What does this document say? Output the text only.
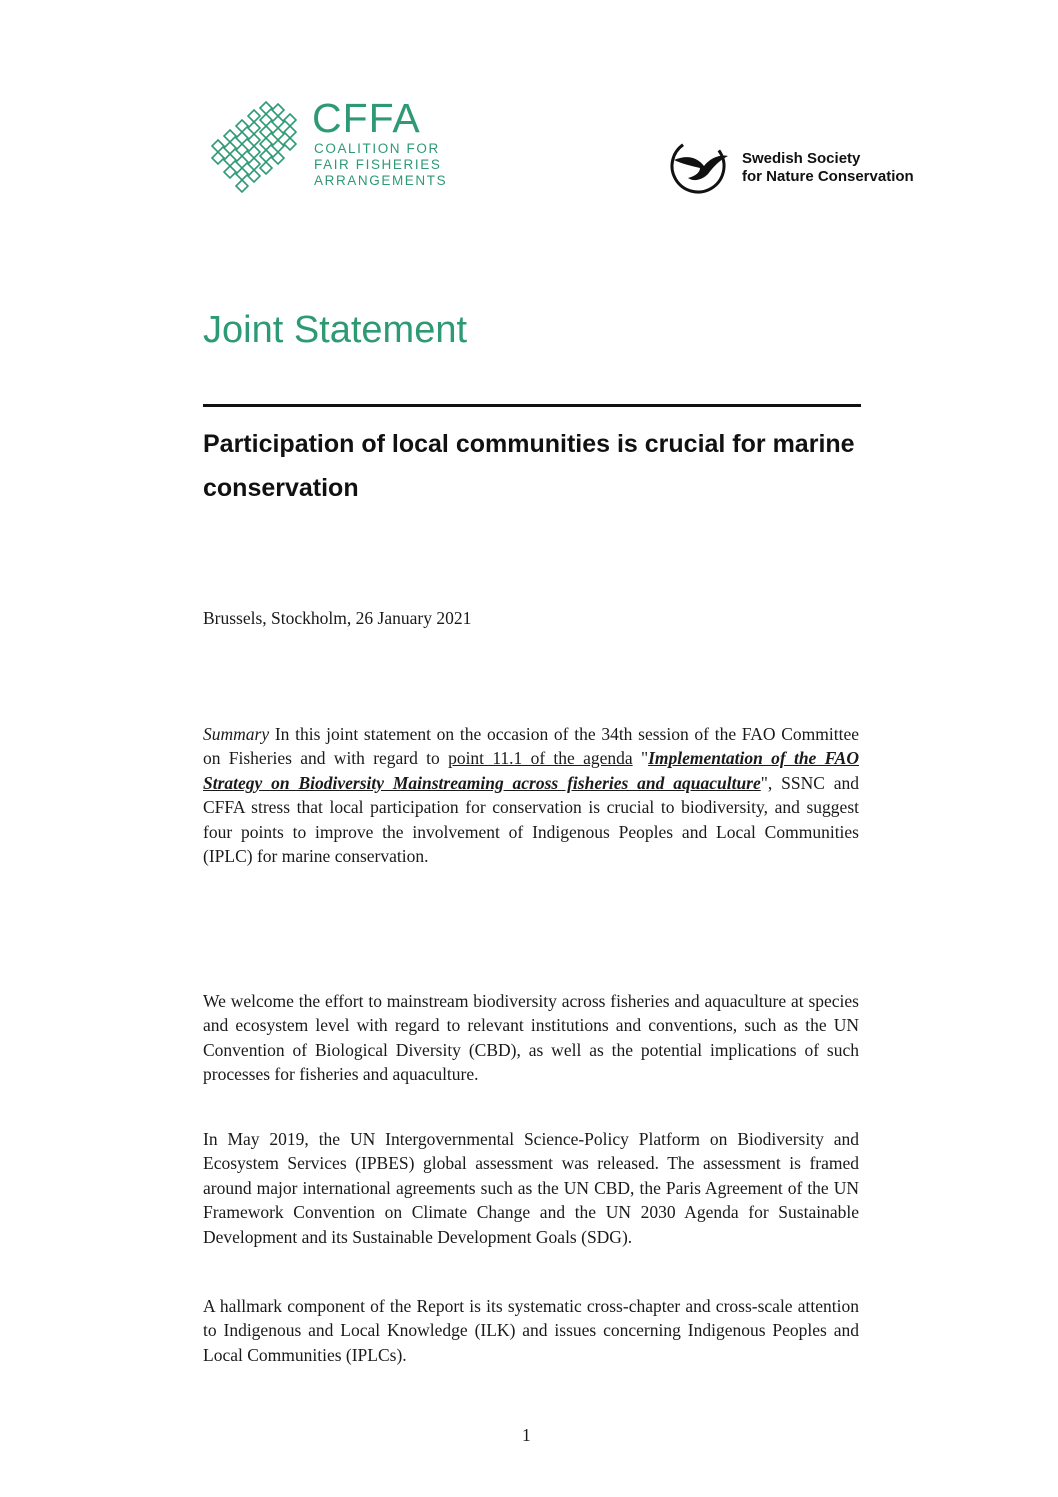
CFFA
COALITION FOR
FAIR FISHERIES
ARRANGEMENTS
Swedish Society
for Nature Conservation
Joint Statement
Participation of local communities is crucial for marine conservation
Brussels, Stockholm, 26 January 2021

Summary In this joint statement on the occasion of the 34th session of the FAO Committee on Fisheries and with regard to point 11.1 of the agenda "Implementation of the FAO Strategy on Biodiversity Mainstreaming across fisheries and aquaculture", SSNC and CFFA stress that local participation for conservation is crucial to biodiversity, and suggest four points to improve the involvement of Indigenous Peoples and Local Communities (IPLC) for marine conservation.

We welcome the effort to mainstream biodiversity across fisheries and aquaculture at species and ecosystem level with regard to relevant institutions and conventions, such as the UN Convention of Biological Diversity (CBD), as well as the potential implications of such processes for fisheries and aquaculture.

In May 2019, the UN Intergovernmental Science-Policy Platform on Biodiversity and Ecosystem Services (IPBES) global assessment was released. The assessment is framed around major international agreements such as the UN CBD, the Paris Agreement of the UN Framework Convention on Climate Change and the UN 2030 Agenda for Sustainable Development and its Sustainable Development Goals (SDG).

A hallmark component of the Report is its systematic cross-chapter and cross-scale attention to Indigenous and Local Knowledge (ILK) and issues concerning Indigenous Peoples and Local Communities (IPLCs).

1
